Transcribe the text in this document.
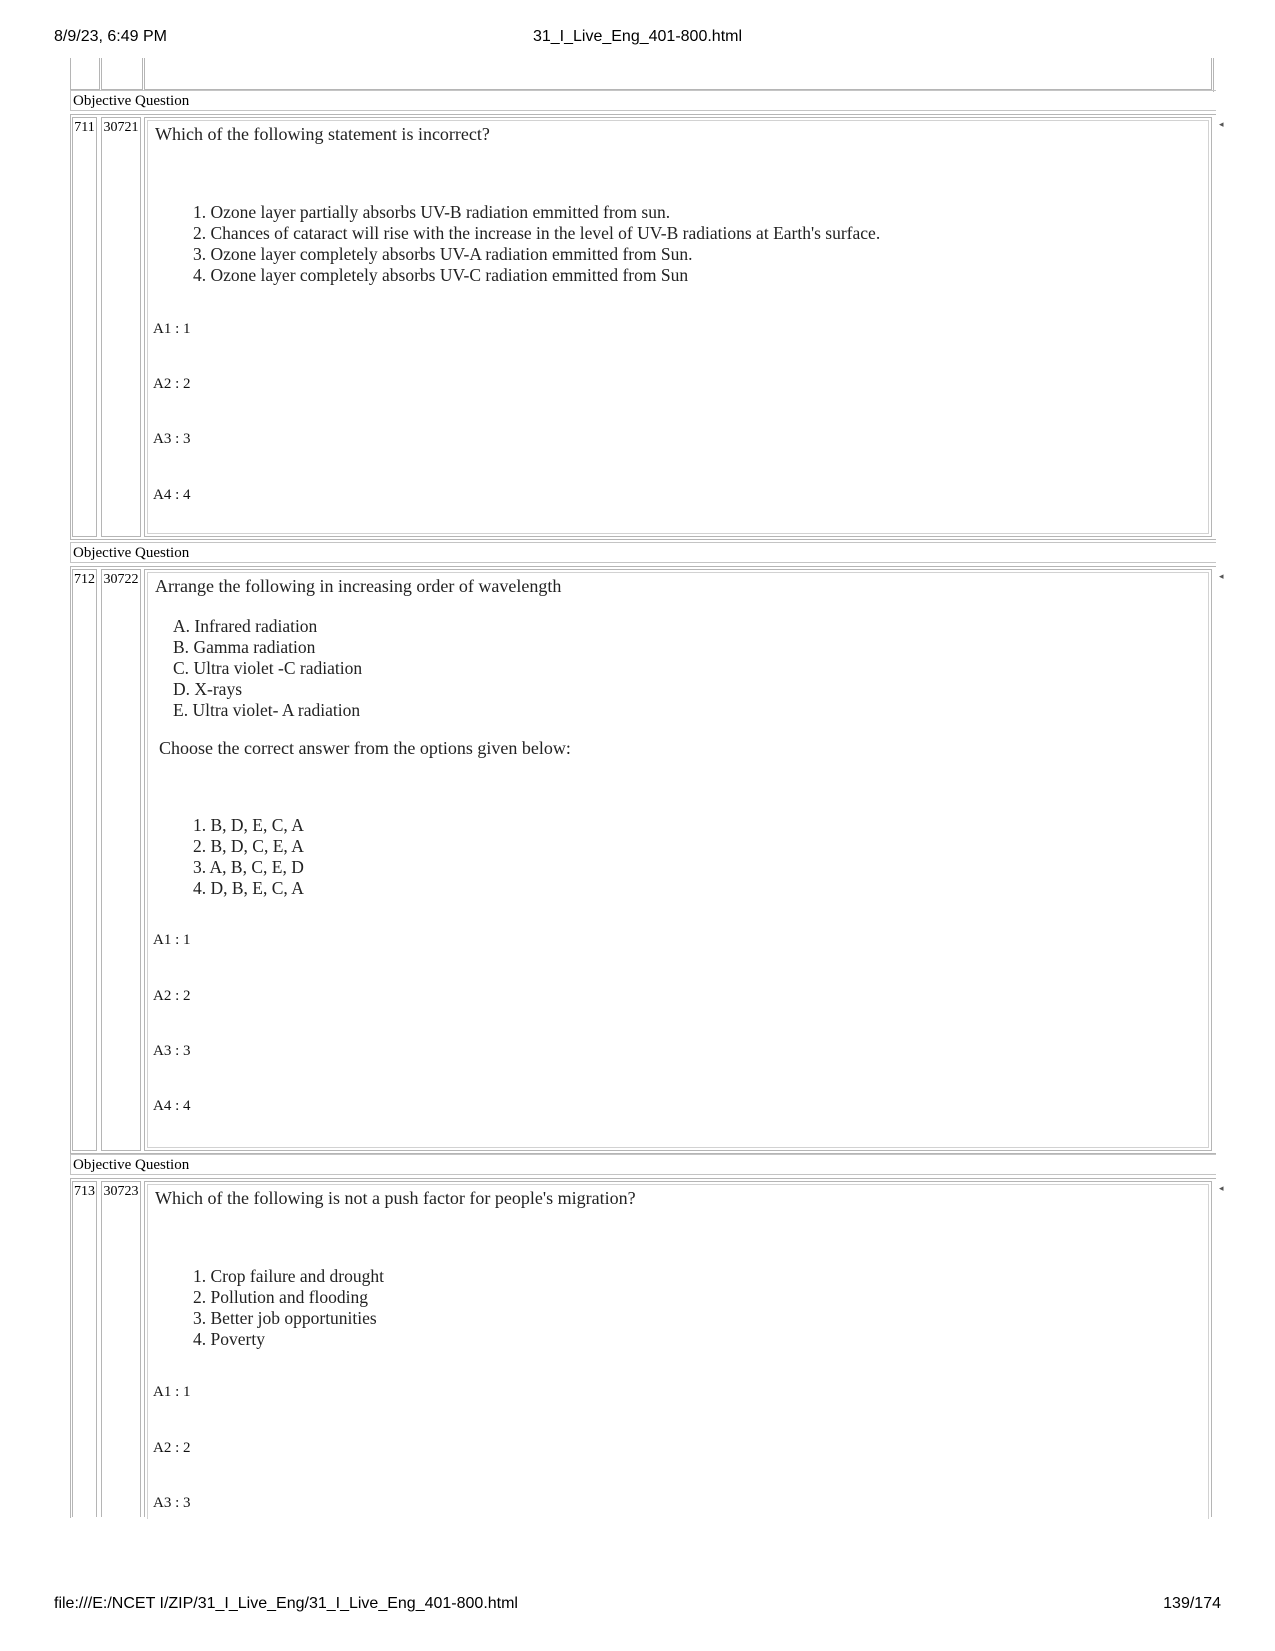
8/9/23, 6:49 PM	31_I_Live_Eng_401-800.html
Objective Question
711 30721 Which of the following statement is incorrect?
1. Ozone layer partially absorbs UV-B radiation emmitted from sun.
2. Chances of cataract will rise with the increase in the level of UV-B radiations at Earth's surface.
3. Ozone layer completely absorbs UV-A radiation emmitted from Sun.
4. Ozone layer completely absorbs UV-C radiation emmitted from Sun
A1 : 1
A2 : 2
A3 : 3
A4 : 4
◂
Objective Question
712 30722 Arrange the following in increasing order of wavelength
A. Infrared radiation
B. Gamma radiation
C. Ultra violet -C radiation
D. X-rays
E. Ultra violet- A radiation
Choose the correct answer from the options given below:
1. B, D, E, C, A
2. B, D, C, E, A
3. A, B, C, E, D
4. D, B, E, C, A
A1 : 1
A2 : 2
A3 : 3
A4 : 4
◂
Objective Question
713 30723 Which of the following is not a push factor for people's migration?
1. Crop failure and drought
2. Pollution and flooding
3. Better job opportunities
4. Poverty
A1 : 1
A2 : 2
A3 : 3
◂
file:///E:/NCET I/ZIP/31_I_Live_Eng/31_I_Live_Eng_401-800.html	139/174
